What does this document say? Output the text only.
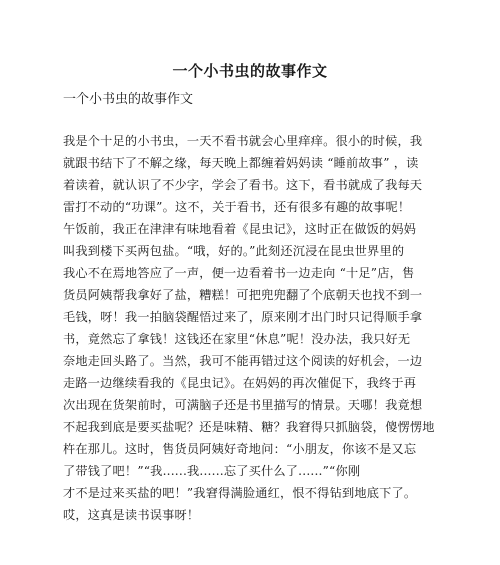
一个小书虫的故事作文

一个小书虫的故事作文

我是个十足的小书虫，一天不看书就会心里痒痒。很小的时候，我
就跟书结下了不解之缘，每天晚上都缠着妈妈读 “睡前故事” ，读
着读着，就认识了不少字，学会了看书。这下，看书就成了我每天
雷打不动的“功课”。这不，关于看书，还有很多有趣的故事呢！
午饭前，我正在津津有味地看着《昆虫记》，这时正在做饭的妈妈
叫我到楼下买两包盐。“哦，好的。”此刻还沉浸在昆虫世界里的
我心不在焉地答应了一声，便一边看着书一边走向 “十足”店，售
货员阿姨帮我拿好了盐，糟糕！可把兜兜翻了个底朝天也找不到一
毛钱，呀！我一拍脑袋醒悟过来了，原来刚才出门时只记得顺手拿
书，竟然忘了拿钱！这钱还在家里“休息”呢！没办法，我只好无
奈地走回头路了。当然，我可不能再错过这个阅读的好机会，一边
走路一边继续看我的《昆虫记》。在妈妈的再次催促下，我终于再
次出现在货架前时，可满脑子还是书里描写的情景。天哪！我竟想
不起我到底是要买盐呢？还是味精、糖？我窘得只抓脑袋，傻愣愣地
杵在那儿。这时，售货员阿姨好奇地问：“小朋友，你该不是又忘
了带钱了吧！”“我......我......忘了买什么了......”“你刚
才不是过来买盐的吧！”我窘得满脸通红，恨不得钻到地底下了。
哎，这真是读书误事呀！
